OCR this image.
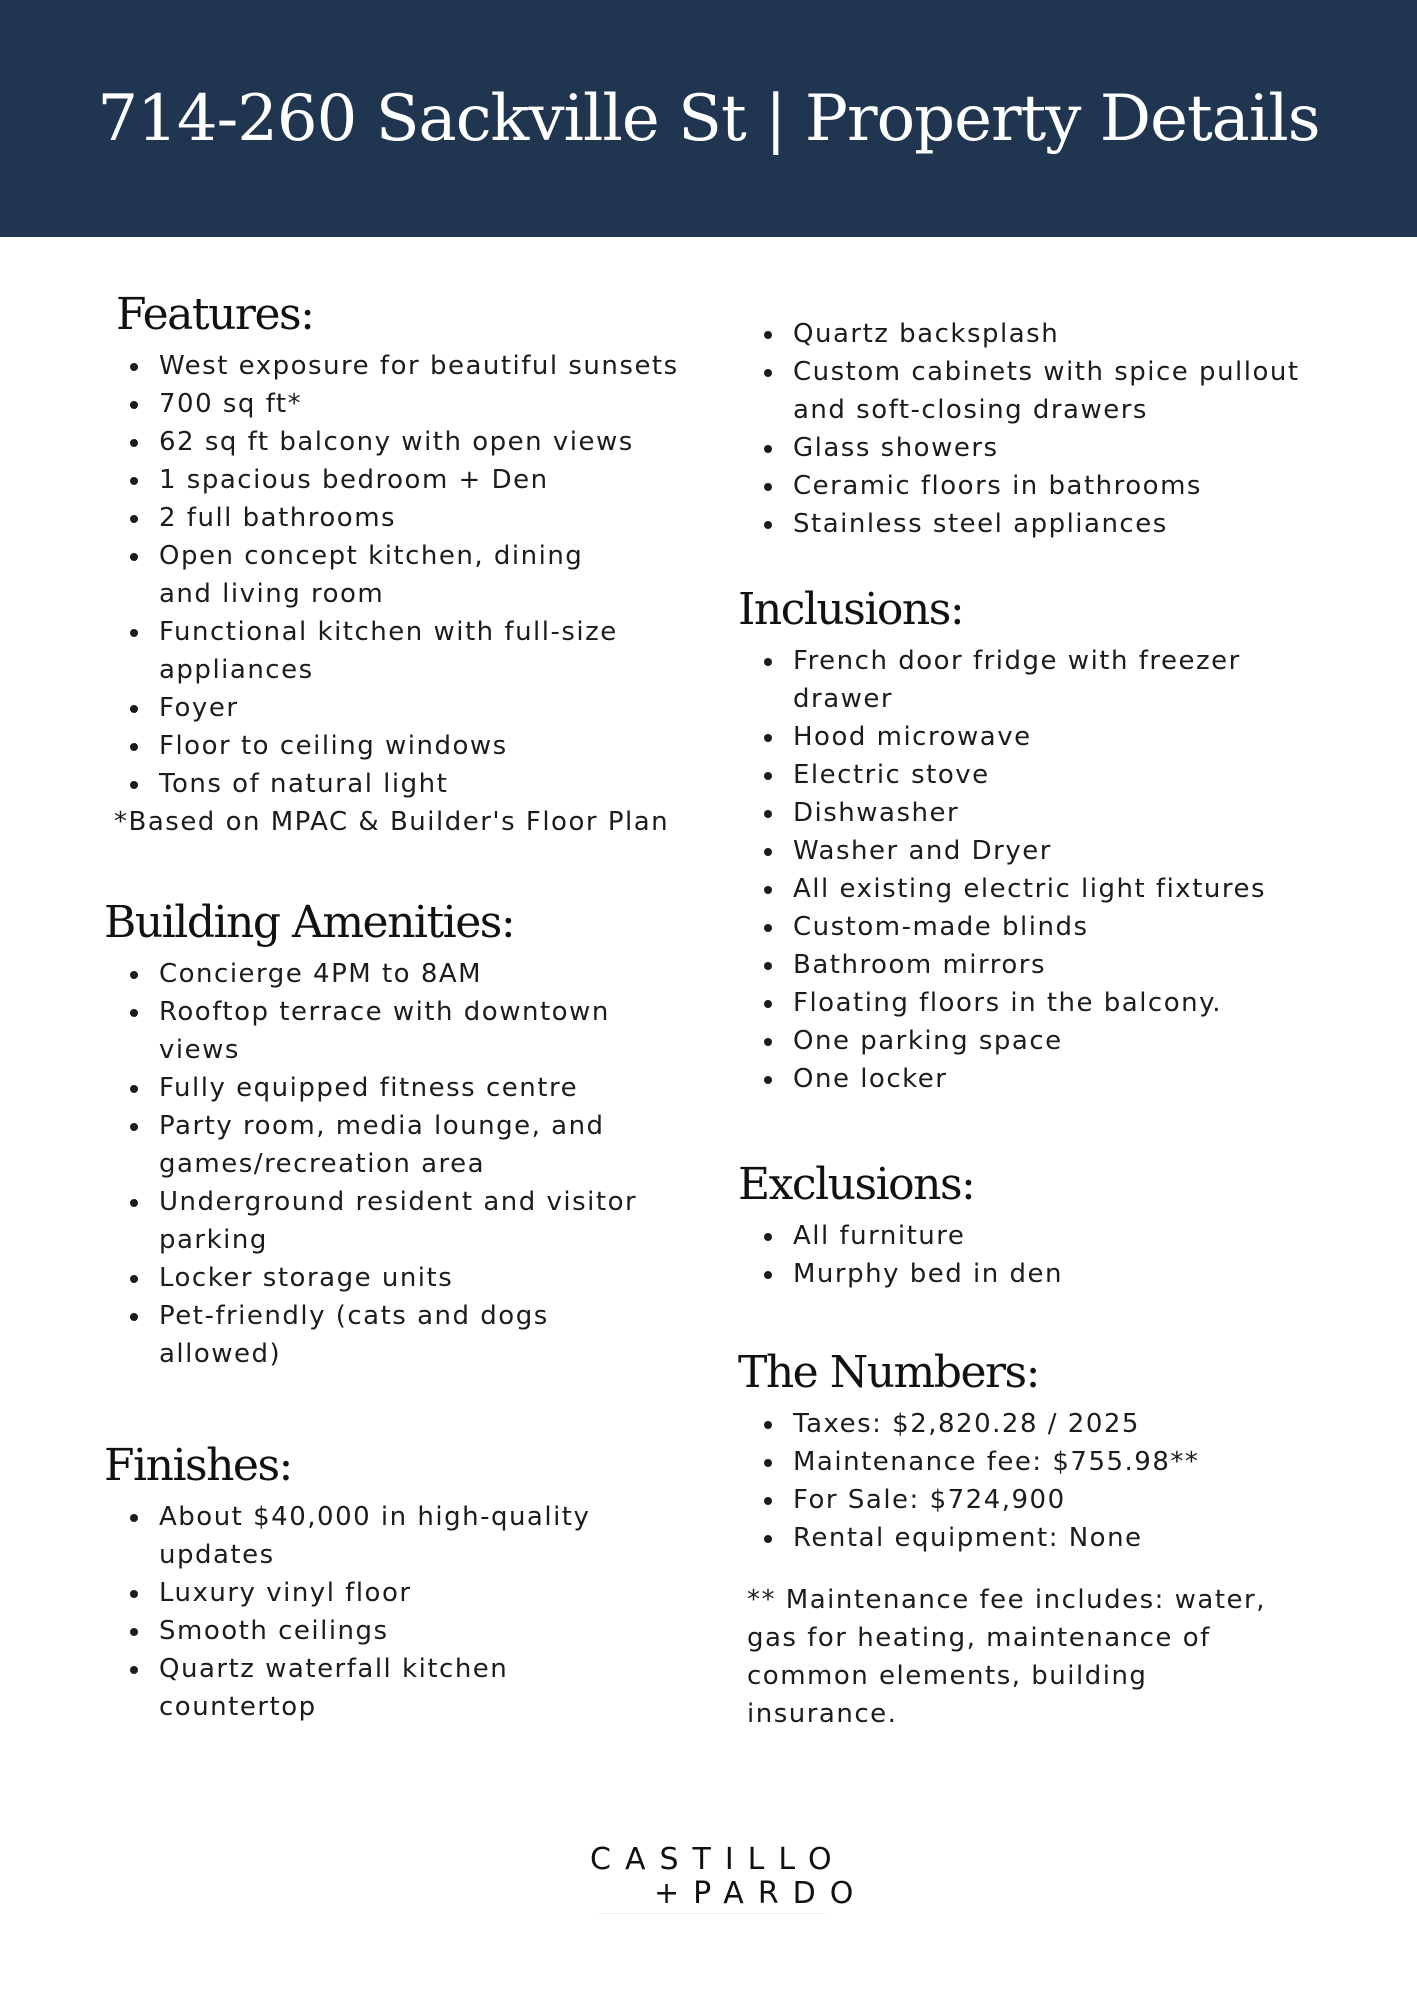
714-260 Sackville St | Property Details
Features:
West exposure for beautiful sunsets
700 sq ft*
62 sq ft balcony with open views
1 spacious bedroom + Den
2 full bathrooms
Open concept kitchen, dining and living room
Functional kitchen with full-size appliances
Foyer
Floor to ceiling windows
Tons of natural light
*Based on MPAC & Builder's Floor Plan
Building Amenities:
Concierge 4PM to 8AM
Rooftop terrace with downtown views
Fully equipped fitness centre
Party room, media lounge, and games/recreation area
Underground resident and visitor parking
Locker storage units
Pet-friendly (cats and dogs allowed)
Finishes:
About $40,000 in high-quality updates
Luxury vinyl floor
Smooth ceilings
Quartz waterfall kitchen countertop
Quartz backsplash
Custom cabinets with spice pullout and soft-closing drawers
Glass showers
Ceramic floors in bathrooms
Stainless steel appliances
Inclusions:
French door fridge with freezer drawer
Hood microwave
Electric stove
Dishwasher
Washer and Dryer
All existing electric light fixtures
Custom-made blinds
Bathroom mirrors
Floating floors in the balcony.
One parking space
One locker
Exclusions:
All furniture
Murphy bed in den
The Numbers:
Taxes: $2,820.28 / 2025
Maintenance fee: $755.98**
For Sale: $724,900
Rental equipment: None
** Maintenance fee includes: water, gas for heating, maintenance of common elements, building insurance.
CASTILLO
+PARDO
